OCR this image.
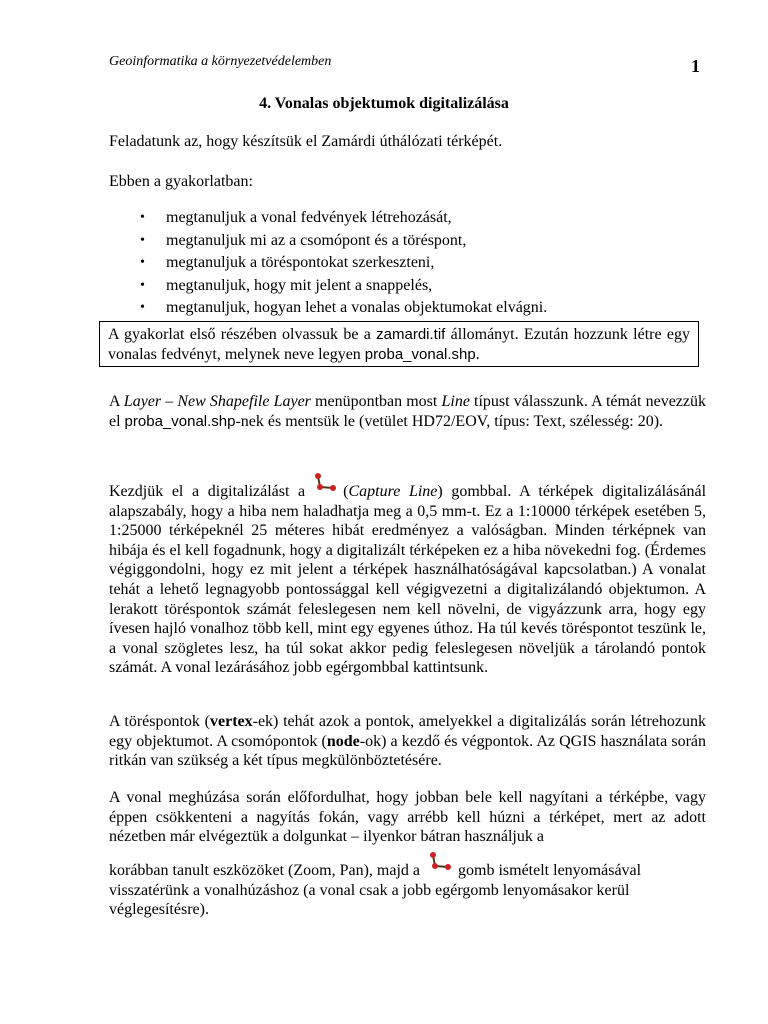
Geoinformatika a környezetvédelemben	1
4. Vonalas objektumok digitalizálása
Feladatunk az, hogy készítsük el Zamárdi úthálózati térképét.
Ebben a gyakorlatban:
• megtanuljuk a vonal fedvények létrehozását,
• megtanuljuk mi az a csomópont és a töréspont,
• megtanuljuk a töréspontokat szerkeszteni,
• megtanuljuk, hogy mit jelent a snappelés,
• megtanuljuk, hogyan lehet a vonalas objektumokat elvágni.
A gyakorlat első részében olvassuk be a zamardi.tif állományt. Ezután hozzunk létre egy vonalas fedvényt, melynek neve legyen proba_vonal.shp.
A Layer – New Shapefile Layer menüpontban most Line típust válasszunk. A témát nevezzük el proba_vonal.shp-nek és mentsük le (vetület HD72/EOV, típus: Text, szélesség: 20).
Kezdjük el a digitalizálást a (Capture Line) gombbal. A térképek digitalizálásánál alapszabály, hogy a hiba nem haladhatja meg a 0,5 mm-t. Ez a 1:10000 térképek esetében 5, 1:25000 térképeknél 25 méteres hibát eredményez a valóságban. Minden térképnek van hibája és el kell fogadnunk, hogy a digitalizált térképeken ez a hiba növekedni fog. (Érdemes végiggondolni, hogy ez mit jelent a térképek használhatóságával kapcsolatban.) A vonalat tehát a lehető legnagyobb pontossággal kell végigvezetni a digitalizálandó objektumon. A lerakott töréspontok számát feleslegesen nem kell növelni, de vigyázzunk arra, hogy egy ívesen hajló vonalhoz több kell, mint egy egyenes úthoz. Ha túl kevés töréspontot teszünk le, a vonal szögletes lesz, ha túl sokat akkor pedig feleslegesen növeljük a tárolandó pontok számát. A vonal lezárásához jobb egérgombbal kattintsunk.
A töréspontok (vertex-ek) tehát azok a pontok, amelyekkel a digitalizálás során létrehozunk egy objektumot. A csomópontok (node-ok) a kezdő és végpontok. Az QGIS használata során ritkán van szükség a két típus megkülönböztetésére.
A vonal meghúzása során előfordulhat, hogy jobban bele kell nagyítani a térképbe, vagy éppen csökkenteni a nagyítás fokán, vagy arrébb kell húzni a térképet, mert az adott nézetben már elvégeztük a dolgunkat – ilyenkor bátran használjuk a
korábban tanult eszközöket (Zoom, Pan), majd a gomb ismételt lenyomásával visszatérünk a vonalhúzáshoz (a vonal csak a jobb egérgomb lenyomásakor kerül véglegesítésre).
